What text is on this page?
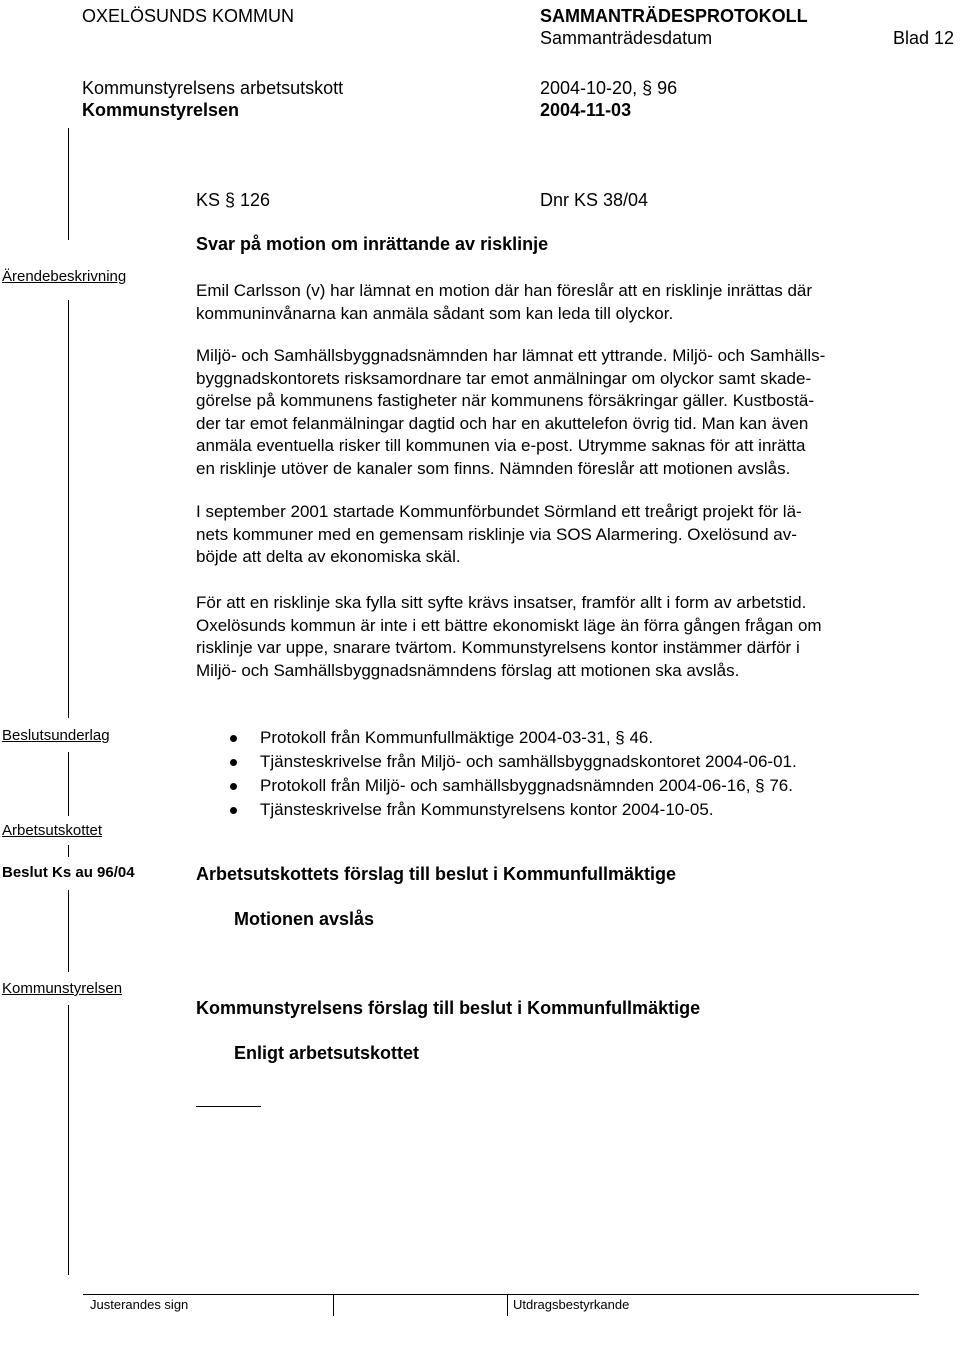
OXELÖSUNDS KOMMUN	SAMMANTRÄDESPROTOKOLL
Sammanträdesdatum	Blad 12
Kommunstyrelsens arbetsutskott	2004-10-20, § 96
Kommunstyrelsen	2004-11-03
KS § 126	Dnr KS 38/04
Svar på motion om inrättande av risklinje
Ärendebeskrivning
Beslutsunderlag
Arbetsutskottet
Beslut Ks au 96/04
Kommunstyrelsen
Emil Carlsson (v) har lämnat en motion där han föreslår att en risklinje inrättas där
kommuninvånarna kan anmäla sådant som kan leda till olyckor.
Miljö- och Samhällsbyggnadsnämnden har lämnat ett yttrande. Miljö- och Samhälls-
byggnadskontorets risksamordnare tar emot anmälningar om olyckor samt skade-
görelse på kommunens fastigheter när kommunens försäkringar gäller. Kustbostä-
der tar emot felanmälningar dagtid och har en akuttelefon övrig tid. Man kan även
anmäla eventuella risker till kommunen via e-post. Utrymme saknas för att inrätta
en risklinje utöver de kanaler som finns. Nämnden föreslår att motionen avslås.
I september 2001 startade Kommunförbundet Sörmland ett treårigt projekt för lä-
nets kommuner med en gemensam risklinje via SOS Alarmering. Oxelösund av-
böjde att delta av ekonomiska skäl.
För att en risklinje ska fylla sitt syfte krävs insatser, framför allt i form av arbetstid.
Oxelösunds kommun är inte i ett bättre ekonomiskt läge än förra gången frågan om
risklinje var uppe, snarare tvärtom. Kommunstyrelsens kontor instämmer därför i
Miljö- och Samhällsbyggnadsnämndens förslag att motionen ska avslås.
Protokoll från Kommunfullmäktige 2004-03-31, § 46.
Tjänsteskrivelse från Miljö- och samhällsbyggnadskontoret 2004-06-01.
Protokoll från Miljö- och samhällsbyggnadsnämnden 2004-06-16, § 76.
Tjänsteskrivelse från Kommunstyrelsens kontor 2004-10-05.
Arbetsutskottets förslag till beslut i Kommunfullmäktige
Motionen avslås
Kommunstyrelsens förslag till beslut i Kommunfullmäktige
Enligt arbetsutskottet
Justerandes sign	Utdragsbestyrkande
